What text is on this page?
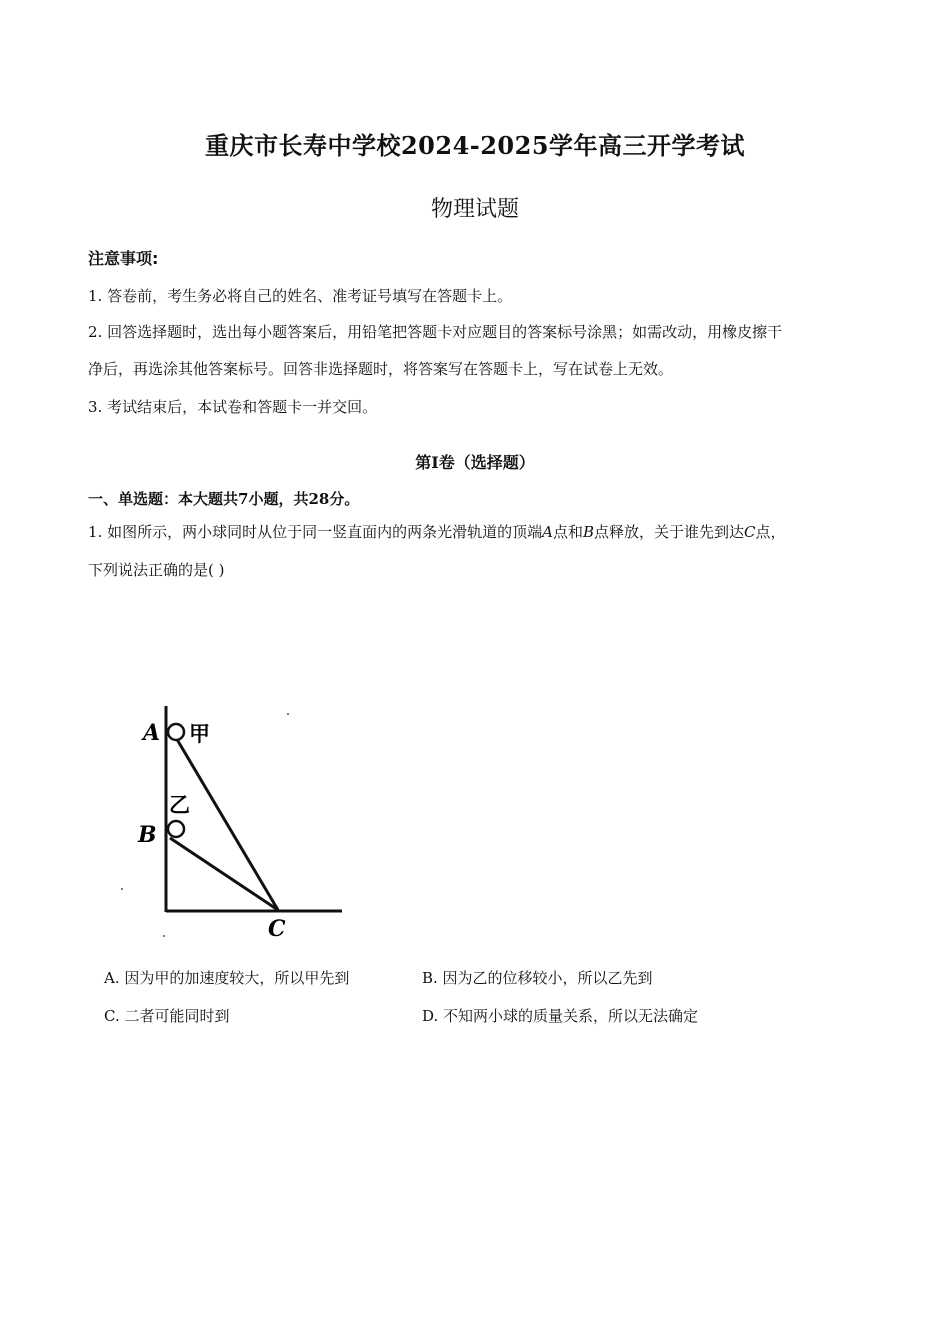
重庆市长寿中学校2024-2025学年高三开学考试
物理试题
注意事项:
1. 答卷前，考生务必将自己的姓名、准考证号填写在答题卡上。
2. 回答选择题时，选出每小题答案后，用铅笔把答题卡对应题目的答案标号涂黑；如需改动，用橡皮擦干
净后，再选涂其他答案标号。回答非选择题时，将答案写在答题卡上，写在试卷上无效。
3. 考试结束后，本试卷和答题卡一并交回。
第I卷（选择题）
一、单选题：本大题共7小题，共28分。
1. 如图所示，两小球同时从位于同一竖直面内的两条光滑轨道的顶端A点和B点释放，关于谁先到达C点，
下列说法正确的是( )
A 甲
乙
B
C
A. 因为甲的加速度较大，所以甲先到	B. 因为乙的位移较小，所以乙先到
C. 二者可能同时到	D. 不知两小球的质量关系，所以无法确定
